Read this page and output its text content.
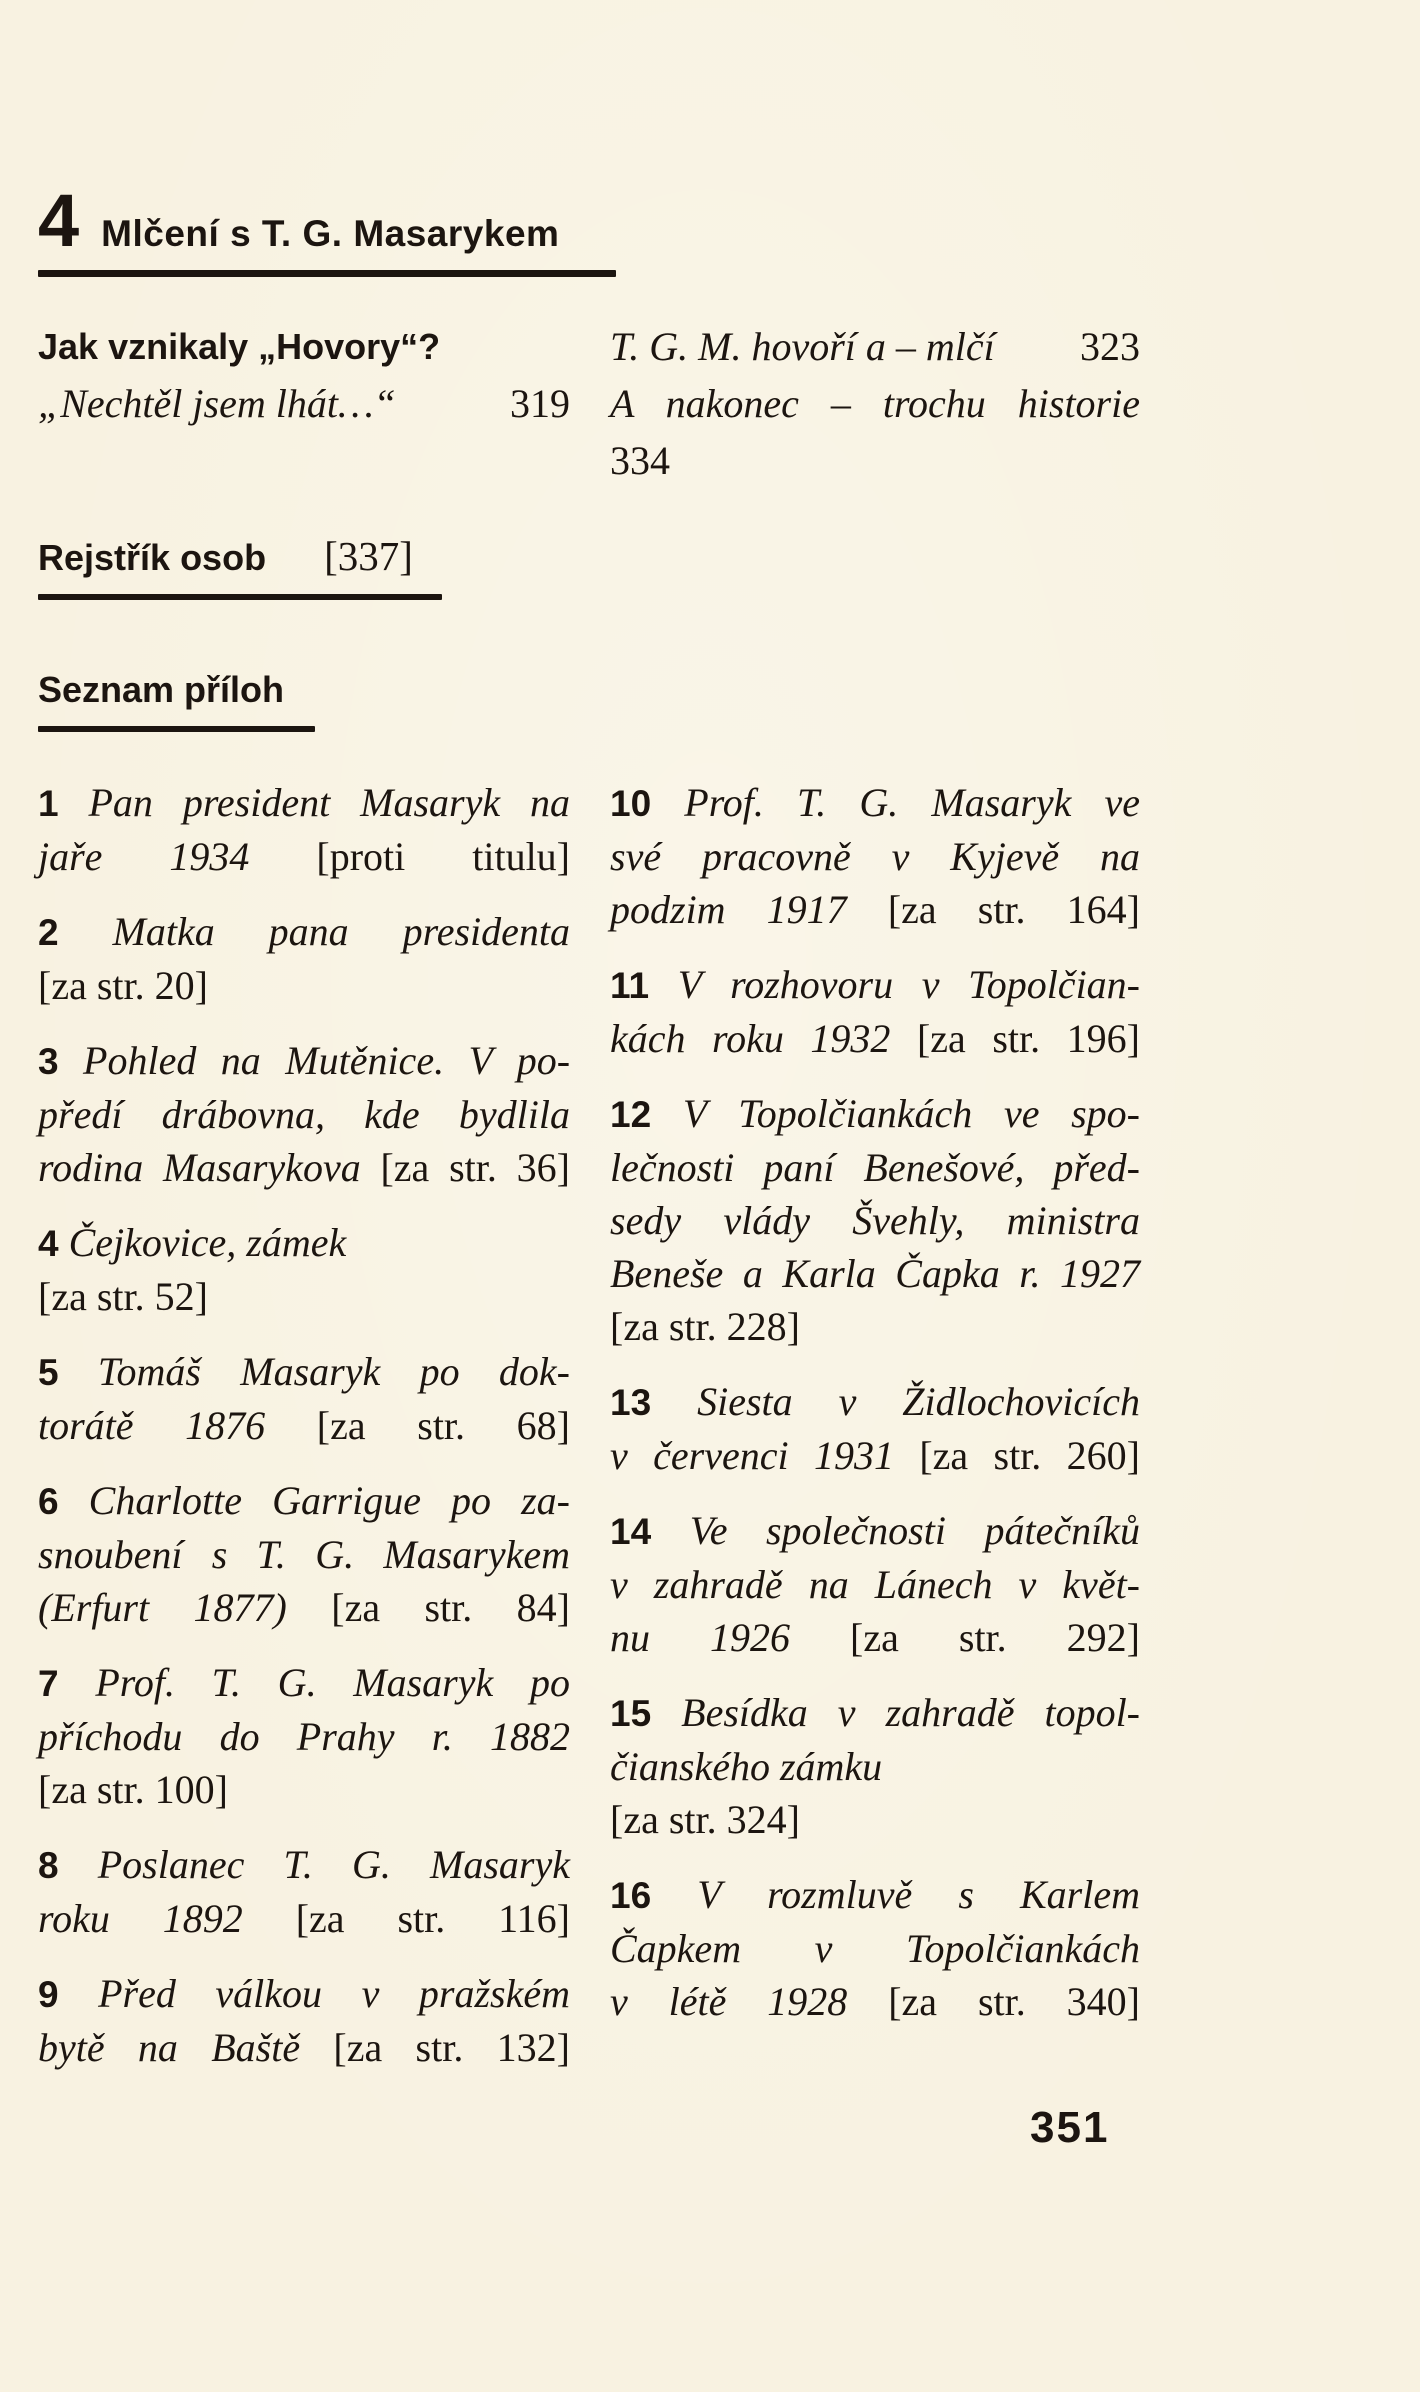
4 Mlčení s T. G. Masarykem

Jak vznikaly „Hovory“?

„Nechtěl jsem lhát…“	319

T. G. M. hovoří a – mlčí 323

A nakonec – trochu historie

334

Rejstřík osob [337]
Seznam příloh

1 Pan president Masaryk na

jaře 1934 [proti titulu]

2 Matka pana presidenta

[za str. 20]

3 Pohled na Mutěnice. V po-

předí drábovna, kde bydlila

rodina Masarykova [za str. 36]

4 Čejkovice, zámek

[za str. 52]

5 Tomáš Masaryk po dok-

torátě 1876 [za str. 68]

6 Charlotte Garrigue po za-

snoubení s T. G. Masarykem

(Erfurt 1877) [za str. 84]

7 Prof. T. G. Masaryk po

příchodu do Prahy r. 1882

[za str. 100]

8 Poslanec T. G. Masaryk

roku 1892 [za str. 116]

9 Před válkou v pražském

bytě na Baště [za str. 132]

10 Prof. T. G. Masaryk ve

své pracovně v Kyjevě na

podzim 1917 [za str. 164]

11 V rozhovoru v Topolčian-

kách roku 1932 [za str. 196]

12 V Topolčiankách ve spo-

lečnosti paní Benešové, před-

sedy vlády Švehly, ministra

Beneše a Karla Čapka r. 1927

[za str. 228]

13 Siesta v Židlochovicích

v červenci 1931 [za str. 260]

14 Ve společnosti pátečníků

v zahradě na Lánech v květ-

nu 1926 [za str. 292]

15 Besídka v zahradě topol-

čianského zámku

[za str. 324]

16 V rozmluvě s Karlem

Čapkem v Topolčiankách

v létě 1928 [za str. 340]

351
